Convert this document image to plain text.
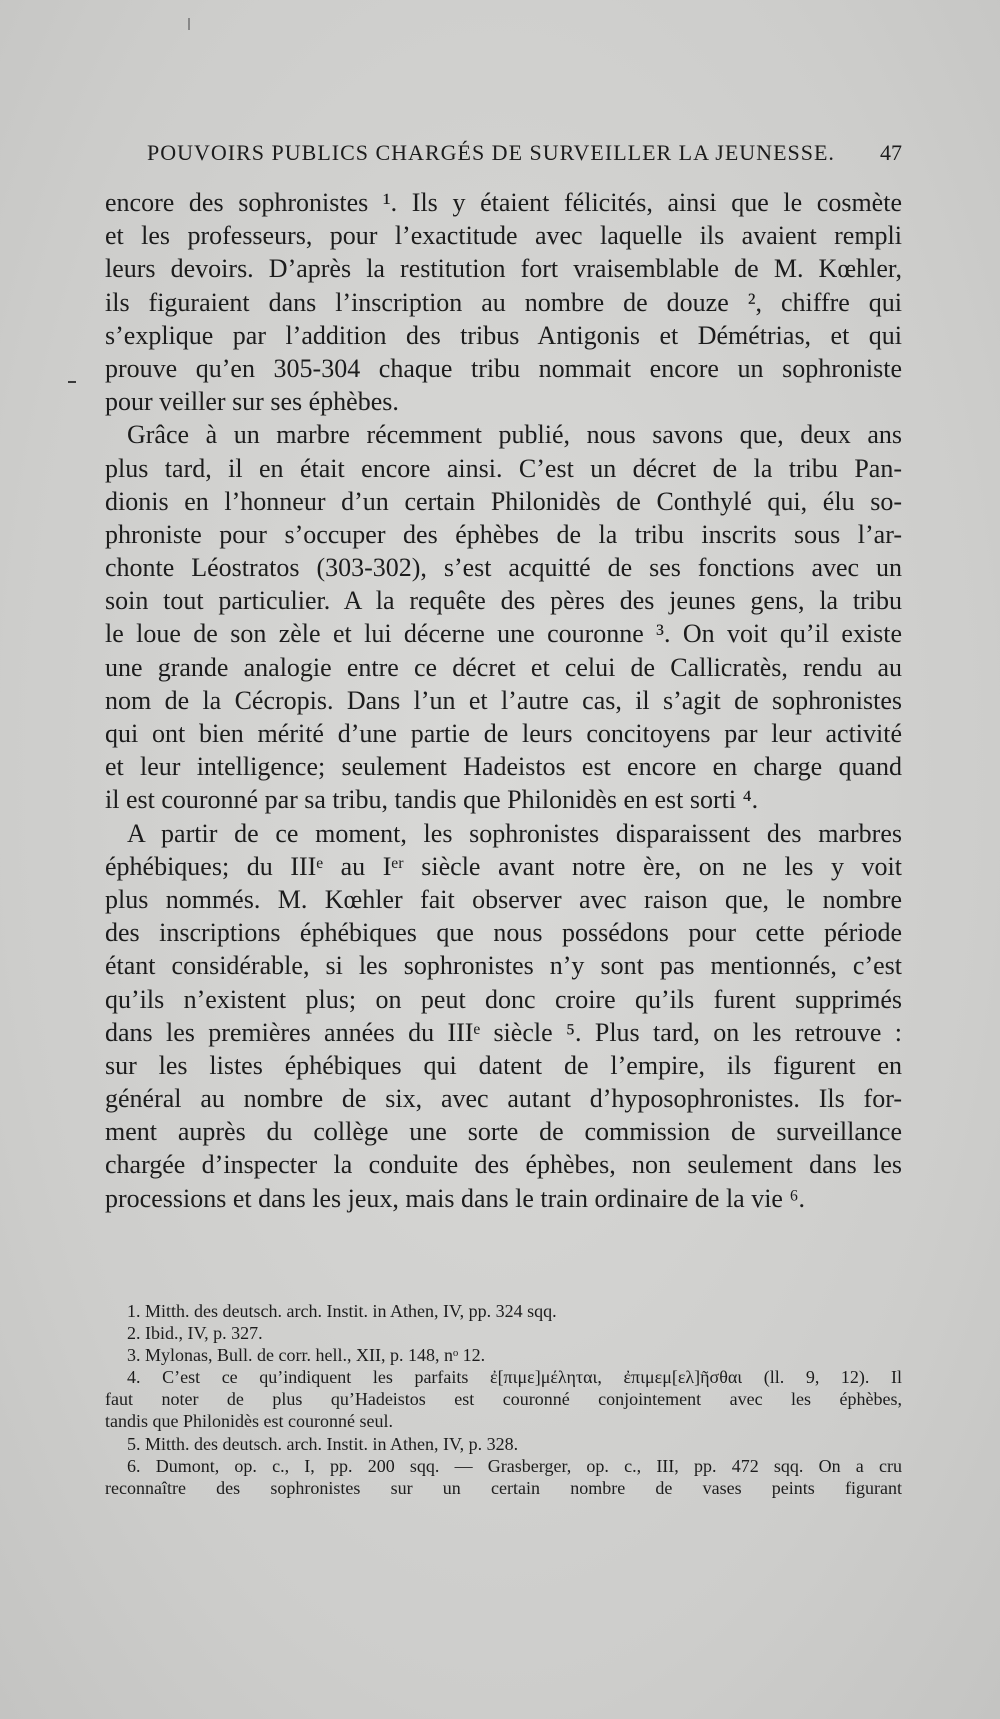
POUVOIRS PUBLICS CHARGÉS DE SURVEILLER LA JEUNESSE. 47
encore des sophronistes ¹. Ils y étaient félicités, ainsi que le cosmète
et les professeurs, pour l’exactitude avec laquelle ils avaient rempli
leurs devoirs. D’après la restitution fort vraisemblable de M. Kœhler,
ils figuraient dans l’inscription au nombre de douze ², chiffre qui
s’explique par l’addition des tribus Antigonis et Démétrias, et qui
prouve qu’en 305-304 chaque tribu nommait encore un sophroniste
pour veiller sur ses éphèbes.
Grâce à un marbre récemment publié, nous savons que, deux ans
plus tard, il en était encore ainsi. C’est un décret de la tribu Pan-
dionis en l’honneur d’un certain Philonidès de Conthylé qui, élu so-
phroniste pour s’occuper des éphèbes de la tribu inscrits sous l’ar-
chonte Léostratos (303-302), s’est acquitté de ses fonctions avec un
soin tout particulier. A la requête des pères des jeunes gens, la tribu
le loue de son zèle et lui décerne une couronne ³. On voit qu’il existe
une grande analogie entre ce décret et celui de Callicratès, rendu au
nom de la Cécropis. Dans l’un et l’autre cas, il s’agit de sophronistes
qui ont bien mérité d’une partie de leurs concitoyens par leur activité
et leur intelligence; seulement Hadeistos est encore en charge quand
il est couronné par sa tribu, tandis que Philonidès en est sorti ⁴.
A partir de ce moment, les sophronistes disparaissent des marbres
éphébiques; du IIIᵉ au Iᵉʳ siècle avant notre ère, on ne les y voit
plus nommés. M. Kœhler fait observer avec raison que, le nombre
des inscriptions éphébiques que nous possédons pour cette période
étant considérable, si les sophronistes n’y sont pas mentionnés, c’est
qu’ils n’existent plus; on peut donc croire qu’ils furent supprimés
dans les premières années du IIIᵉ siècle ⁵. Plus tard, on les retrouve :
sur les listes éphébiques qui datent de l’empire, ils figurent en
général au nombre de six, avec autant d’hyposophronistes. Ils for-
ment auprès du collège une sorte de commission de surveillance
chargée d’inspecter la conduite des éphèbes, non seulement dans les
processions et dans les jeux, mais dans le train ordinaire de la vie ⁶.
1. Mitth. des deutsch. arch. Instit. in Athen, IV, pp. 324 sqq.
2. Ibid., IV, p. 327.
3. Mylonas, Bull. de corr. hell., XII, p. 148, nᵒ 12.
4. C’est ce qu’indiquent les parfaits ἐ[πιμε]μέληται, ἐπιμεμ[ελ]ῆσθαι (ll. 9, 12). Il
faut noter de plus qu’Hadeistos est couronné conjointement avec les éphèbes,
tandis que Philonidès est couronné seul.
5. Mitth. des deutsch. arch. Instit. in Athen, IV, p. 328.
6. Dumont, op. c., I, pp. 200 sqq. — Grasberger, op. c., III, pp. 472 sqq. On a cru
reconnaître des sophronistes sur un certain nombre de vases peints figurant
